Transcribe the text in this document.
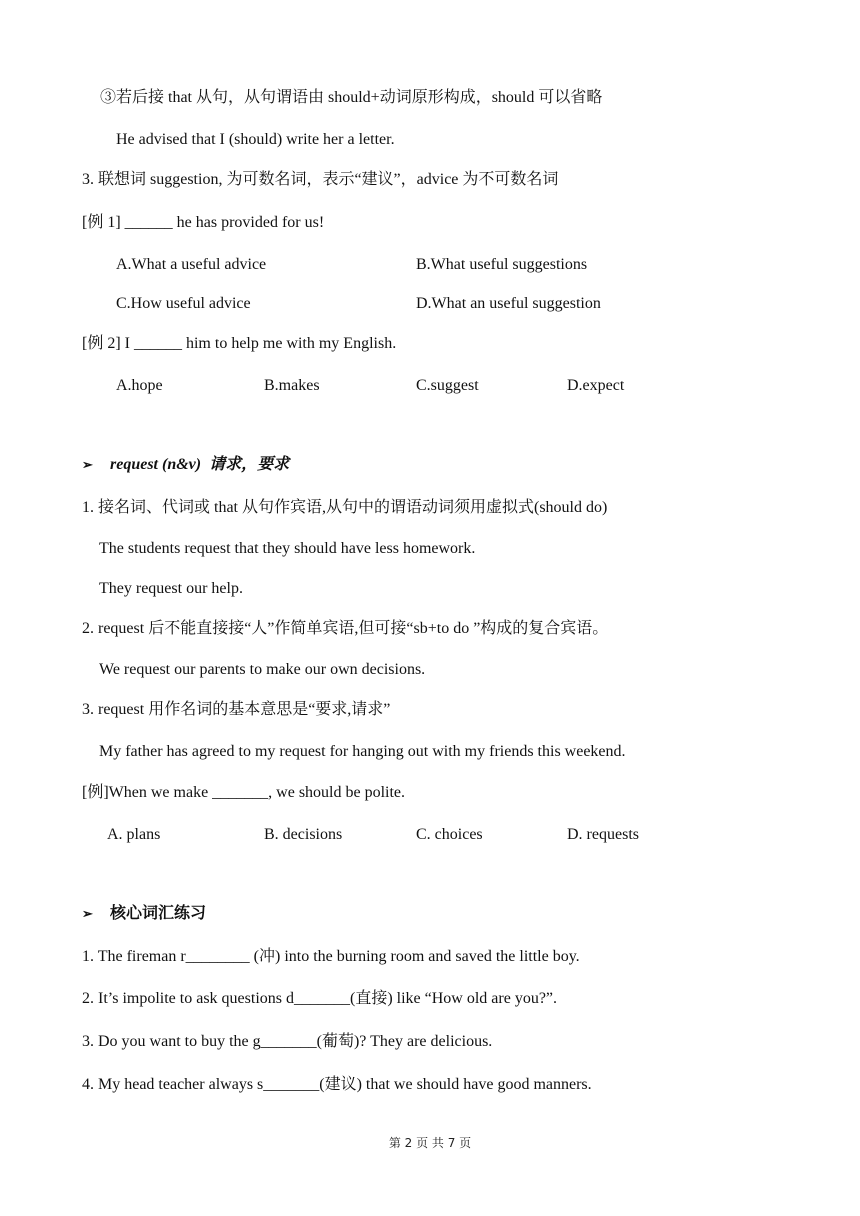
③若后接 that 从句，从句谓语由 should+动词原形构成，should 可以省略
He advised that I (should) write her a letter.
3. 联想词 suggestion, 为可数名词，表示“建议”，advice 为不可数名词
[例 1] ______ he has provided for us!
A.What a useful advice	B.What useful suggestions
C.How useful advice	D.What an useful suggestion
[例 2] I ______ him to help me with my English.
A.hope	B.makes	C.suggest	D.expect
➢ request (n&v) 请求，要求
1. 接名词、代词或 that 从句作宾语,从句中的谓语动词须用虚拟式(should do)
The students request that they should have less homework.
They request our help.
2. request 后不能直接接“人”作简单宾语,但可接“sb+to do ”构成的复合宾语。
We request our parents to make our own decisions.
3. request 用作名词的基本意思是“要求,请求”
My father has agreed to my request for hanging out with my friends this weekend.
[例]When we make _______, we should be polite.
A. plans	B. decisions	C. choices	D. requests
➢ 核心词汇练习
1. The fireman r________ (冲) into the burning room and saved the little boy.
2. It’s impolite to ask questions d_______(直接) like “How old are you?”.
3. Do you want to buy the g_______(葡萄)? They are delicious.
4. My head teacher always s_______(建议) that we should have good manners.
第 2 页 共 7 页
